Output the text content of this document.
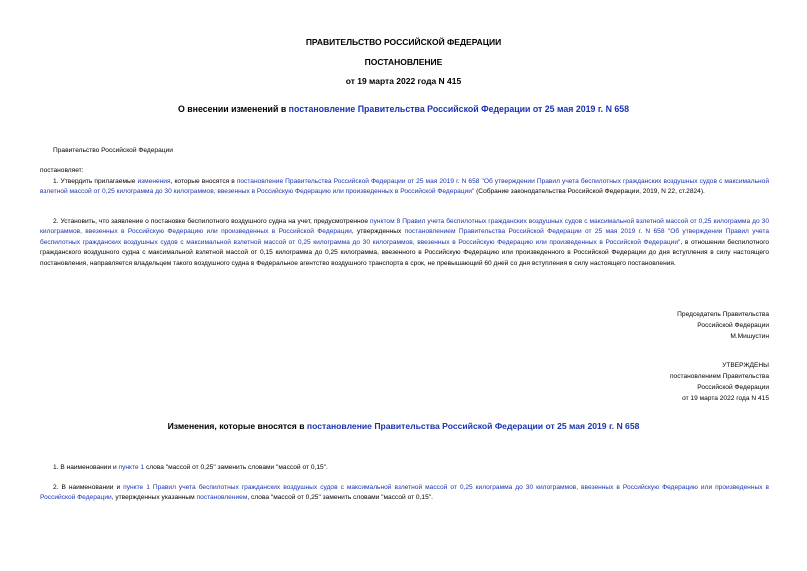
ПРАВИТЕЛЬСТВО РОССИЙСКОЙ ФЕДЕРАЦИИ
ПОСТАНОВЛЕНИЕ
от 19 марта 2022 года N 415
О внесении изменений в постановление Правительства Российской Федерации от 25 мая 2019 г. N 658
Правительство Российской Федерации
постановляет:
1. Утвердить прилагаемые изменения, которые вносятся в постановление Правительства Российской Федерации от 25 мая 2019 г. N 658 "Об утверждении Правил учета беспилотных гражданских воздушных судов с максимальной взлетной массой от 0,25 килограмма до 30 килограммов, ввезенных в Российскую Федерацию или произведенных в Российской Федерации" (Собрание законодательства Российской Федерации, 2019, N 22, ст.2824).
2. Установить, что заявление о постановке беспилотного воздушного судна на учет, предусмотренное пунктом 8 Правил учета беспилотных гражданских воздушных судов с максимальной взлетной массой от 0,25 килограмма до 30 килограммов, ввезенных в Российскую Федерацию или произведенных в Российской Федерации, утвержденных постановлением Правительства Российской Федерации от 25 мая 2019 г. N 658 "Об утверждении Правил учета беспилотных гражданских воздушных судов с максимальной взлетной массой от 0,25 килограмма до 30 килограммов, ввезенных в Российскую Федерацию или произведенных в Российской Федерации", в отношении беспилотного гражданского воздушного судна с максимальной взлетной массой от 0,15 килограмма до 0,25 килограмма, ввезенного в Российскую Федерацию или произведенного в Российской Федерации до дня вступления в силу настоящего постановления, направляется владельцем такого воздушного судна в Федеральное агентство воздушного транспорта в срок, не превышающий 60 дней со дня вступления в силу настоящего постановления.
Председатель Правительства
Российской Федерации
М.Мишустин
УТВЕРЖДЕНЫ
постановлением Правительства
Российской Федерации
от 19 марта 2022 года N 415
Изменения, которые вносятся в постановление Правительства Российской Федерации от 25 мая 2019 г. N 658
1. В наименовании и пункте 1 слова "массой от 0,25" заменить словами "массой от 0,15".
2. В наименовании и пункте 1 Правил учета беспилотных гражданских воздушных судов с максимальной взлетной массой от 0,25 килограмма до 30 килограммов, ввезенных в Российскую Федерацию или произведенных в Российской Федерации, утвержденных указанным постановлением, слова "массой от 0,25" заменить словами "массой от 0,15".
